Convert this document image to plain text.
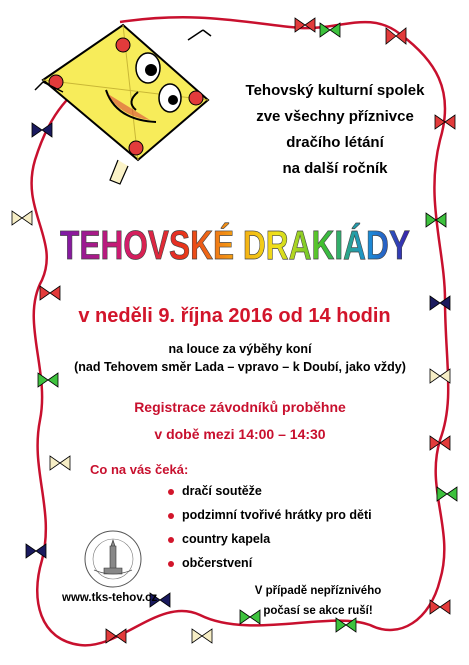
Tehovský kulturní spolek
zve všechny příznivce
dračího létání
na další ročník
TEHOVSKÉ DRAKIÁDY
v neděli 9. října 2016 od 14 hodin
na louce za výběhy koní
(nad Tehovem směr Lada – vpravo – k Doubí, jako vždy)
Registrace závodníků proběhne
v době mezi 14:00 – 14:30
Co na vás čeká:
dračí soutěže
podzimní tvořivé hrátky pro děti
country kapela
občerstvení
www.tks-tehov.cz
V případě nepříznivého
počasí se akce ruší!
